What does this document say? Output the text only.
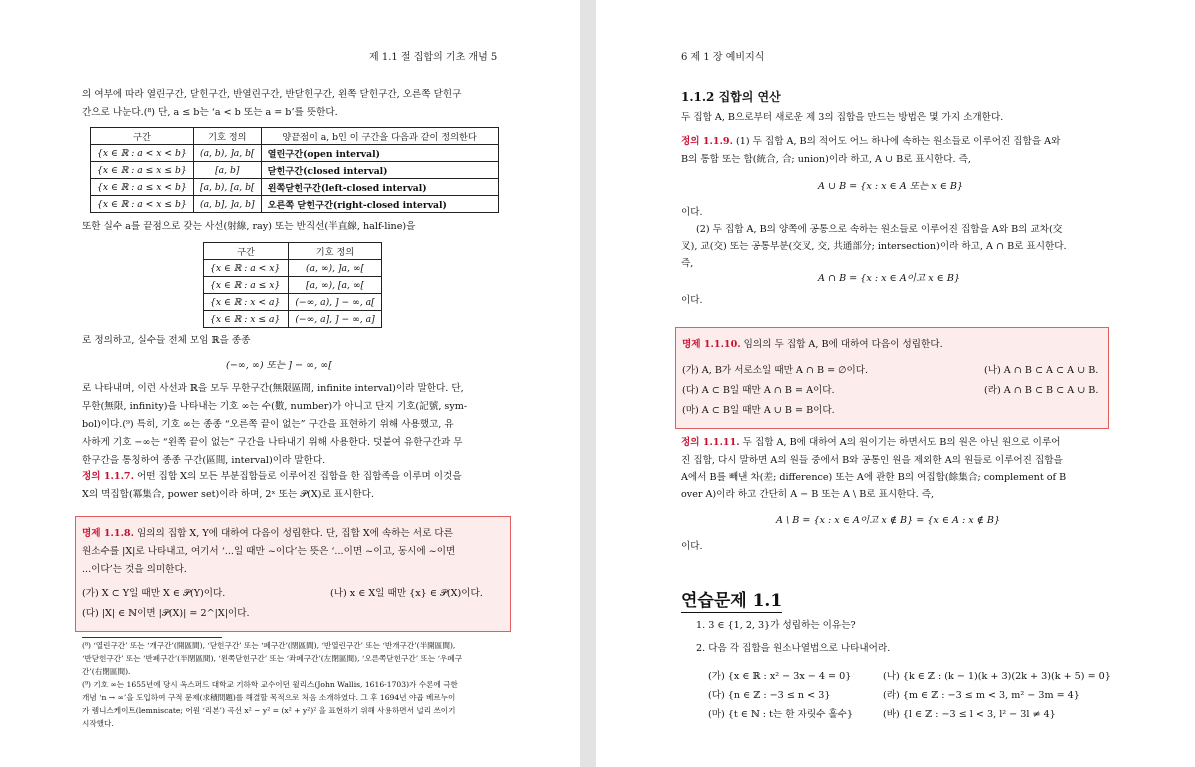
제 1.1 절 집합의 기초 개념 5
의 여부에 따라 열린구간, 닫힌구간, 반열린구간, 반닫힌구간, 왼쪽 닫힌구간, 오른쪽 닫힌구
간으로 나눈다.(⁸) 단, a ≤ b는 ‘a < b 또는 a = b’를 뜻한다.
구간	기호 정의	양끝점이 a, b인 이 구간을 다음과 같이 정의한다
{x ∈ ℝ : a < x < b}	(a, b), ]a, b[	열린구간(open interval)
{x ∈ ℝ : a ≤ x ≤ b}	[a, b]	닫힌구간(closed interval)
{x ∈ ℝ : a ≤ x < b}	[a, b), [a, b[	왼쪽닫힌구간(left-closed interval)
{x ∈ ℝ : a < x ≤ b}	(a, b], ]a, b]	오른쪽 닫힌구간(right-closed interval)
또한 실수 a를 끝점으로 갖는 사선(射線, ray) 또는 반직선(半直線, half-line)을
구간	기호 정의
{x ∈ ℝ : a < x}	(a, ∞), ]a, ∞[
{x ∈ ℝ : a ≤ x}	[a, ∞), [a, ∞[
{x ∈ ℝ : x < a}	(−∞, a), ] − ∞, a[
{x ∈ ℝ : x ≤ a}	(−∞, a], ] − ∞, a]
로 정의하고, 실수들 전체 모임 ℝ을 종종
(−∞, ∞) 또는 ] − ∞, ∞[
로 나타내며, 이런 사선과 ℝ을 모두 무한구간(無限區間, infinite interval)이라 말한다. 단,
무한(無限, infinity)을 나타내는 기호 ∞는 수(數, number)가 아니고 단지 기호(記號, sym-
bol)이다.(⁹) 특히, 기호 ∞는 종종 “오른쪽 끝이 없는” 구간을 표현하기 위해 사용했고, 유
사하게 기호 −∞는 “왼쪽 끝이 없는” 구간을 나타내기 위해 사용한다. 덧붙여 유한구간과 무
한구간을 통칭하여 종종 구간(區間, interval)이라 말한다.
정의 1.1.7. 어떤 집합 X의 모든 부분집합들로 이루어진 집합을 한 집합족을 이루며 이것을
X의 멱집합(冪集合, power set)이라 하며, 2ˣ 또는 𝒫(X)로 표시한다.
명제 1.1.8. 임의의 집합 X, Y에 대하여 다음이 성립한다. 단, 집합 X에 속하는 서로 다른
원소수를 |X|로 나타내고, 여기서 ‘...일 때만 ~이다’는 뜻은 ‘...이면 ~이고, 동시에 ~이면
...이다’는 것을 의미한다.
(가) X ⊂ Y일 때만 X ∈ 𝒫(Y)이다.	(나) x ∈ X일 때만 {x} ∈ 𝒫(X)이다.
(다) |X| ∈ ℕ이면 |𝒫(X)| = 2^|X|이다.
(⁸) ‘열린구간’ 또는 ‘개구간’(開區間), ‘닫힌구간’ 또는 ‘폐구간’(閉區間), ‘반열린구간’ 또는 ‘반개구간’(半開區間),
‘반닫힌구간’ 또는 ‘반폐구간’(半閉區間), ‘왼쪽닫힌구간’ 또는 ‘좌폐구간’(左閉區間), ‘오른쪽닫힌구간’ 또는 ‘우폐구
간’(右閉區間).
(⁹) 기호 ∞는 1655년에 당시 옥스퍼드 대학교 기하학 교수이던 윌리스(John Wallis, 1616-1703)가 수론에 극한
개념 ‘n → ∞’을 도입하여 구적 문제(求積問題)를 해결할 목적으로 처음 소개하였다. 그 후 1694년 야곱 베르누이
가 렘니스케이트(lemniscate; 어원 ‘리본’) 곡선 x² − y² = (x² + y²)² 을 표현하기 위해 사용하면서 널리 쓰이기
시작했다.
6 제 1 장 예비지식
1.1.2 집합의 연산
두 집합 A, B으로부터 새로운 제 3의 집합을 만드는 방법은 몇 가지 소개한다.
정의 1.1.9. (1) 두 집합 A, B의 적어도 어느 하나에 속하는 원소들로 이루어진 집합을 A와
B의 통합 또는 합(統合, 合; union)이라 하고, A ∪ B로 표시한다. 즉,
A ∪ B = {x : x ∈ A 또는 x ∈ B}
이다.
(2) 두 집합 A, B의 양쪽에 공통으로 속하는 원소들로 이루어진 집합을 A와 B의 교차(交
叉), 교(交) 또는 공통부분(交叉, 交, 共通部分; intersection)이라 하고, A ∩ B로 표시한다.
즉,
A ∩ B = {x : x ∈ A이고 x ∈ B}
이다.
명제 1.1.10. 임의의 두 집합 A, B에 대하여 다음이 성립한다.
(가) A, B가 서로소일 때만 A ∩ B = ∅이다.	(나) A ∩ B ⊂ A ⊂ A ∪ B.
(다) A ⊂ B일 때만 A ∩ B = A이다.	(라) A ∩ B ⊂ B ⊂ A ∪ B.
(마) A ⊂ B일 때만 A ∪ B = B이다.
정의 1.1.11. 두 집합 A, B에 대하여 A의 원이기는 하면서도 B의 원은 아닌 원으로 이루어
진 집합, 다시 말하면 A의 원들 중에서 B와 공통인 원을 제외한 A의 원들로 이루어진 집합을
A에서 B를 빼낸 차(差; difference) 또는 A에 관한 B의 여집합(餘集合; complement of B
over A)이라 하고 간단히 A − B 또는 A \ B로 표시한다. 즉,
A \ B = {x : x ∈ A이고 x ∉ B} = {x ∈ A : x ∉ B}
이다.
연습문제 1.1
1. 3 ∈ {1, 2, 3}가 성립하는 이유는?
2. 다음 각 집합을 원소나열법으로 나타내어라.
(가) {x ∈ ℝ : x² − 3x − 4 = 0}	(나) {k ∈ ℤ : (k − 1)(k + 3)(2k + 3)(k + 5) = 0}
(다) {n ∈ ℤ : −3 ≤ n < 3}	(라) {m ∈ ℤ : −3 ≤ m < 3, m² − 3m = 4}
(마) {t ∈ ℕ : t는 한 자릿수 홀수}	(바) {l ∈ ℤ : −3 ≤ l < 3, l² − 3l ≠ 4}
